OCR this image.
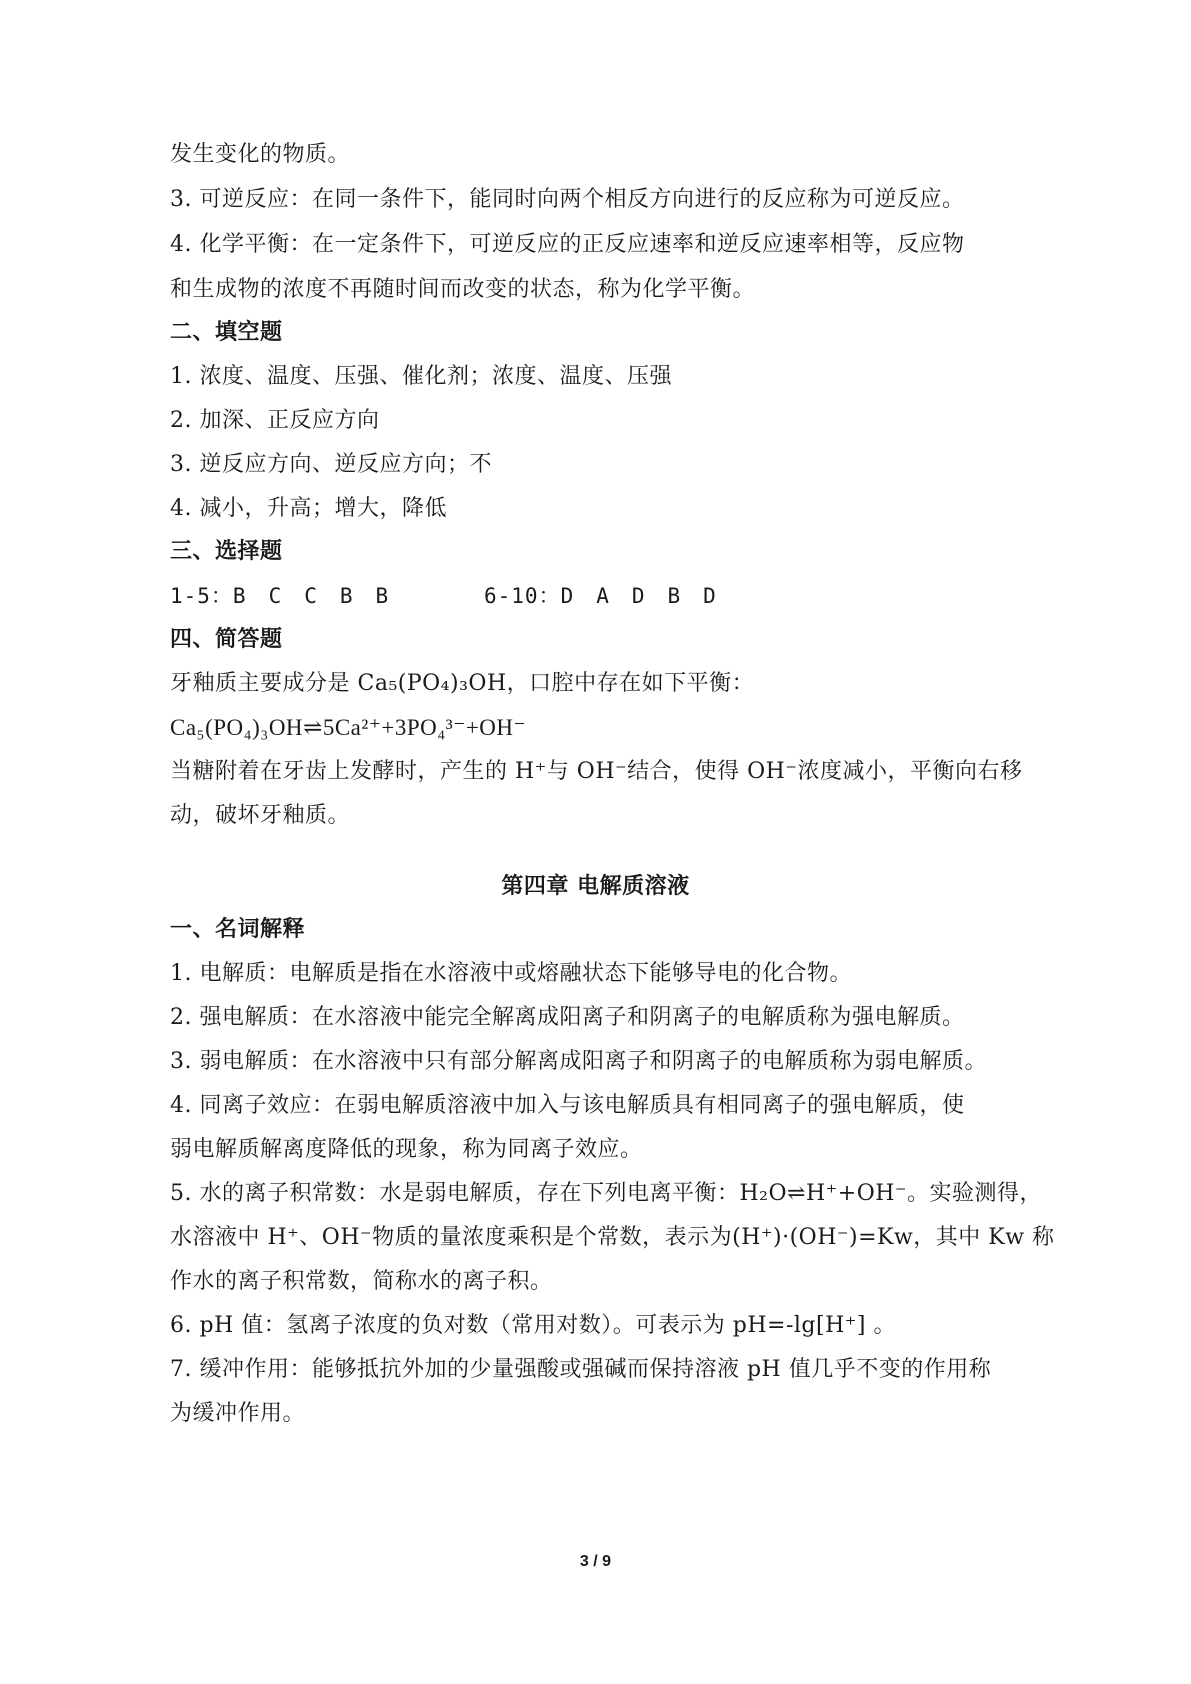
发生变化的物质。
3. 可逆反应：在同一条件下，能同时向两个相反方向进行的反应称为可逆反应。
4. 化学平衡：在一定条件下，可逆反应的正反应速率和逆反应速率相等，反应物
和生成物的浓度不再随时间而改变的状态，称为化学平衡。
二、填空题
1. 浓度、温度、压强、催化剂；浓度、温度、压强
2. 加深、正反应方向
3. 逆反应方向、逆反应方向；不
4. 减小，升高；增大，降低
三、选择题
1-5：B　C　C　B　B	6-10：D　A　D　B　D
四、简答题
牙釉质主要成分是 Ca₅(PO₄)₃OH，口腔中存在如下平衡：
Ca₅(PO₄)₃OH⇌5Ca²⁺+3PO₄³⁻+OH⁻
当糖附着在牙齿上发酵时，产生的 H⁺与 OH⁻结合，使得 OH⁻浓度减小，平衡向右移
动，破坏牙釉质。
第四章 电解质溶液
一、名词解释
1. 电解质：电解质是指在水溶液中或熔融状态下能够导电的化合物。
2. 强电解质：在水溶液中能完全解离成阳离子和阴离子的电解质称为强电解质。
3. 弱电解质：在水溶液中只有部分解离成阳离子和阴离子的电解质称为弱电解质。
4. 同离子效应：在弱电解质溶液中加入与该电解质具有相同离子的强电解质，使
弱电解质解离度降低的现象，称为同离子效应。
5. 水的离子积常数：水是弱电解质，存在下列电离平衡：H₂O⇌H⁺+OH⁻。实验测得，
水溶液中 H⁺、OH⁻物质的量浓度乘积是个常数，表示为(H⁺)·(OH⁻)=Kw，其中 Kw 称
作水的离子积常数，简称水的离子积。
6. pH 值：氢离子浓度的负对数（常用对数）。可表示为 pH=-lg[H⁺] 。
7. 缓冲作用：能够抵抗外加的少量强酸或强碱而保持溶液 pH 值几乎不变的作用称
为缓冲作用。
3 / 9
